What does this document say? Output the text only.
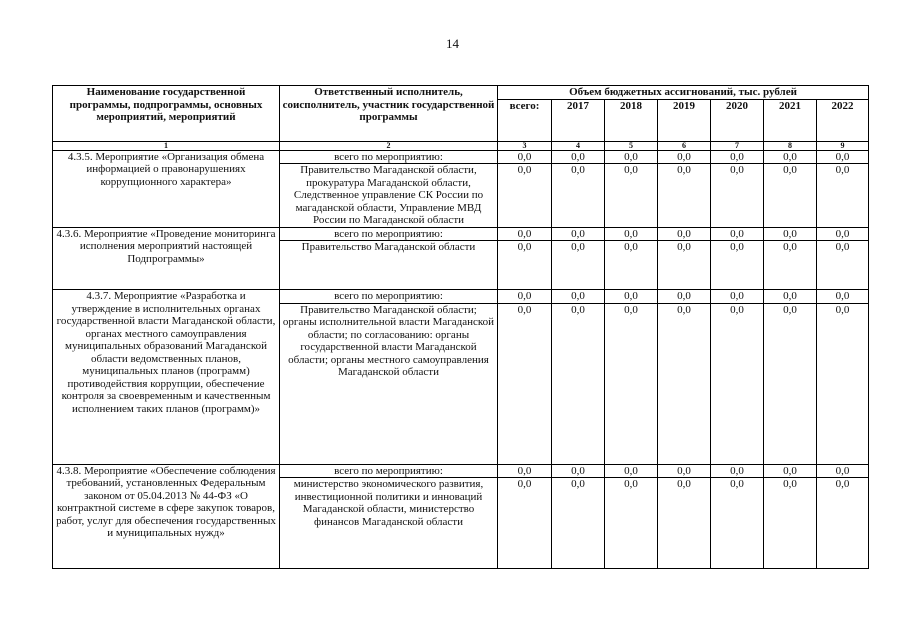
14
Наименование государственной программы, подпрограммы, основных мероприятий, мероприятий	Ответственный исполнитель, соисполнитель, участник государственной программы	Объем бюджетных ассигнований, тыс. рублей						
		всего:	2017	2018	2019	2020	2021	2022
1	2	3	4	5	6	7	8	9
4.3.5. Мероприятие «Организация обмена информацией о правонарушениях коррупционного характера»	всего по мероприятию:	0,0	0,0	0,0	0,0	0,0	0,0	0,0
	Правительство Магаданской области, прокуратура Магаданской области, Следственное управление СК России по магаданской области, Управление МВД России по Магаданской области	0,0	0,0	0,0	0,0	0,0	0,0	0,0
4.3.6. Мероприятие «Проведение мониторинга исполнения мероприятий настоящей Подпрограммы»	всего по мероприятию:	0,0	0,0	0,0	0,0	0,0	0,0	0,0
	Правительство Магаданской области	0,0	0,0	0,0	0,0	0,0	0,0	0,0
4.3.7. Мероприятие «Разработка и утверждение в исполнительных органах государственной власти Магаданской области, органах местного самоуправления муниципальных образований Магаданской области ведомственных планов, муниципальных планов (программ) противодействия коррупции, обеспечение контроля за своевременным и качественным исполнением таких планов (программ)»	всего по мероприятию:	0,0	0,0	0,0	0,0	0,0	0,0	0,0
	Правительство Магаданской области; органы исполнительной власти Магаданской области; по согласованию: органы государственной власти Магаданской области; органы местного самоуправления Магаданской области	0,0	0,0	0,0	0,0	0,0	0,0	0,0
4.3.8. Мероприятие «Обеспечение соблюдения требований, установленных Федеральным законом от 05.04.2013 № 44-ФЗ «О контрактной системе в сфере закупок товаров, работ, услуг для обеспечения государственных и муниципальных нужд»	всего по мероприятию:	0,0	0,0	0,0	0,0	0,0	0,0	0,0
	министерство экономического развития, инвестиционной политики и инноваций Магаданской области, министерство финансов Магаданской области	0,0	0,0	0,0	0,0	0,0	0,0	0,0
